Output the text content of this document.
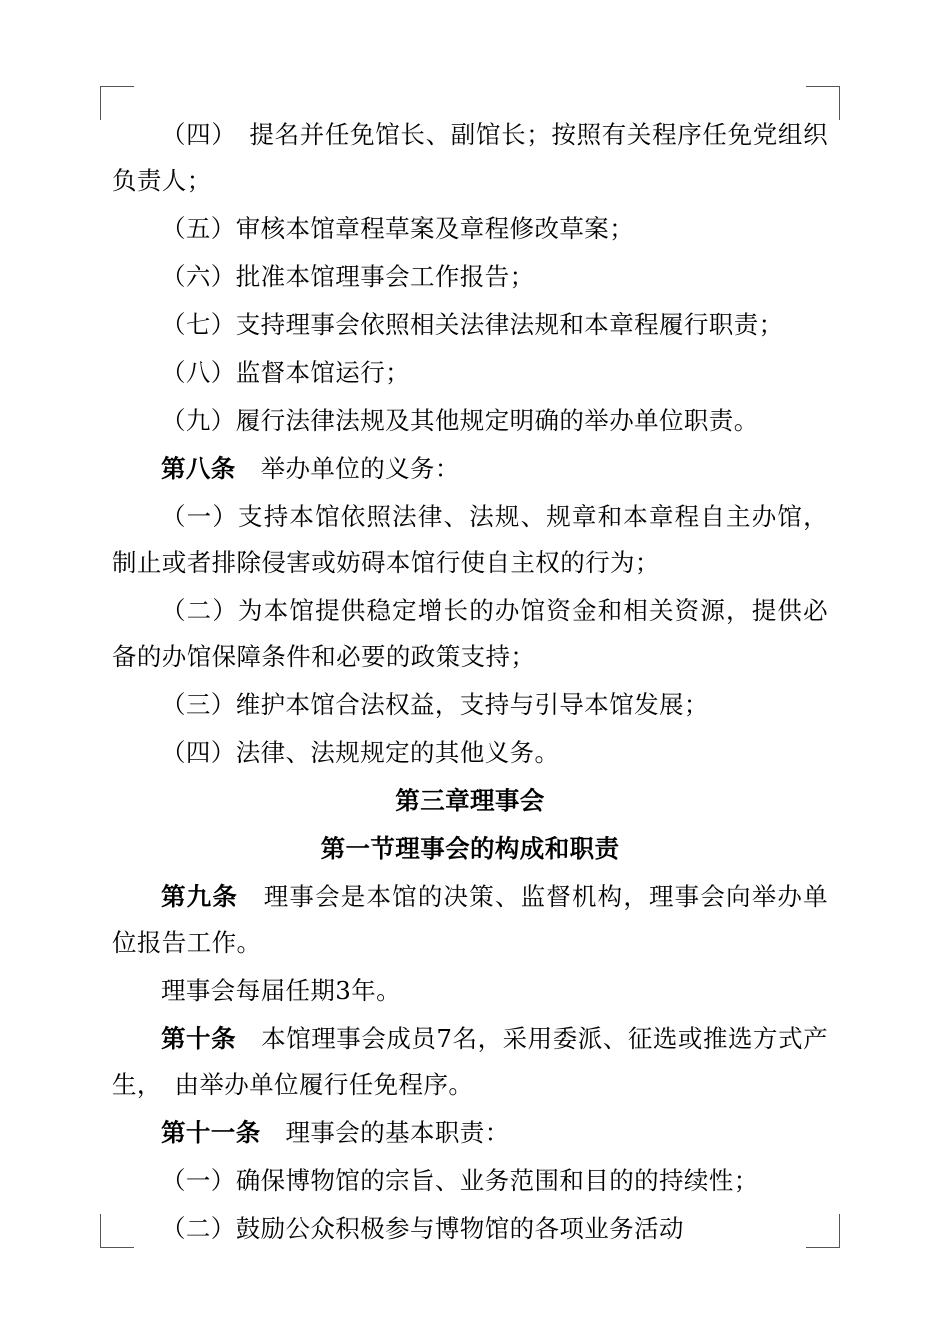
（四）　提名并任免馆长、副馆长；按照有关程序任免党组织负责人；

（五）审核本馆章程草案及章程修改草案；

（六）批准本馆理事会工作报告；

（七）支持理事会依照相关法律法规和本章程履行职责；

（八）监督本馆运行；

（九）履行法律法规及其他规定明确的举办单位职责。

第八条　举办单位的义务：

（一）支持本馆依照法律、法规、规章和本章程自主办馆，制止或者排除侵害或妨碍本馆行使自主权的行为；

（二）为本馆提供稳定增长的办馆资金和相关资源，提供必备的办馆保障条件和必要的政策支持；

（三）维护本馆合法权益，支持与引导本馆发展；

（四）法律、法规规定的其他义务。

第三章理事会

第一节理事会的构成和职责

第九条　理事会是本馆的决策、监督机构，理事会向举办单位报告工作。

理事会每届任期3年。

第十条　本馆理事会成员7名，采用委派、征选或推选方式产生，　由举办单位履行任免程序。

第十一条　理事会的基本职责：

（一）确保博物馆的宗旨、业务范围和目的的持续性；

（二）鼓励公众积极参与博物馆的各项业务活动
